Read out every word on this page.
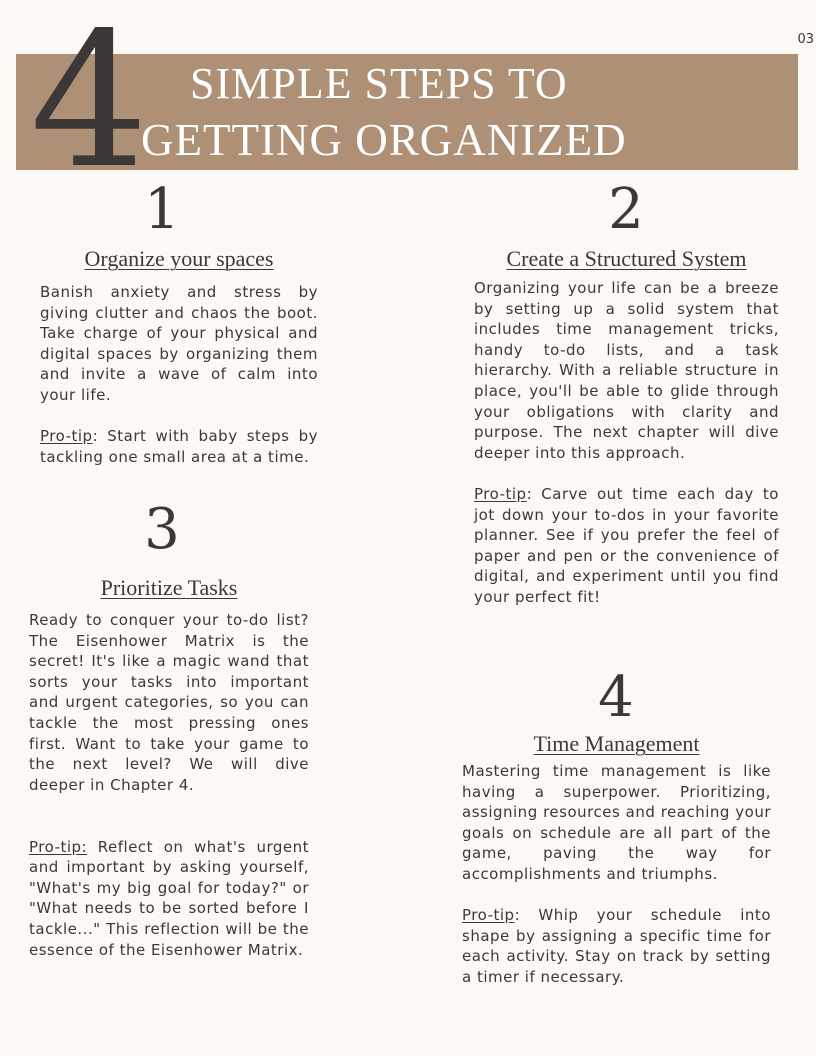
03
4 SIMPLE STEPS TO
GETTING ORGANIZED
1
Organize your spaces
Banish anxiety and stress by giving clutter and chaos the boot. Take charge of your physical and digital spaces by organizing them and invite a wave of calm into your life.

Pro-tip: Start with baby steps by tackling one small area at a time.
2
Create a Structured System
Organizing your life can be a breeze by setting up a solid system that includes time management tricks, handy to-do lists, and a task hierarchy. With a reliable structure in place, you'll be able to glide through your obligations with clarity and purpose. The next chapter will dive deeper into this approach.

Pro-tip: Carve out time each day to jot down your to-dos in your favorite planner. See if you prefer the feel of paper and pen or the convenience of digital, and experiment until you find your perfect fit!
3
Prioritize Tasks
Ready to conquer your to-do list? The Eisenhower Matrix is the secret! It's like a magic wand that sorts your tasks into important and urgent categories, so you can tackle the most pressing ones first. Want to take your game to the next level? We will dive deeper in Chapter 4.

Pro-tip: Reflect on what's urgent and important by asking yourself, "What's my big goal for today?" or "What needs to be sorted before I tackle..." This reflection will be the essence of the Eisenhower Matrix.
4
Time Management
Mastering time management is like having a superpower. Prioritizing, assigning resources and reaching your goals on schedule are all part of the game, paving the way for accomplishments and triumphs.

Pro-tip: Whip your schedule into shape by assigning a specific time for each activity. Stay on track by setting a timer if necessary.
